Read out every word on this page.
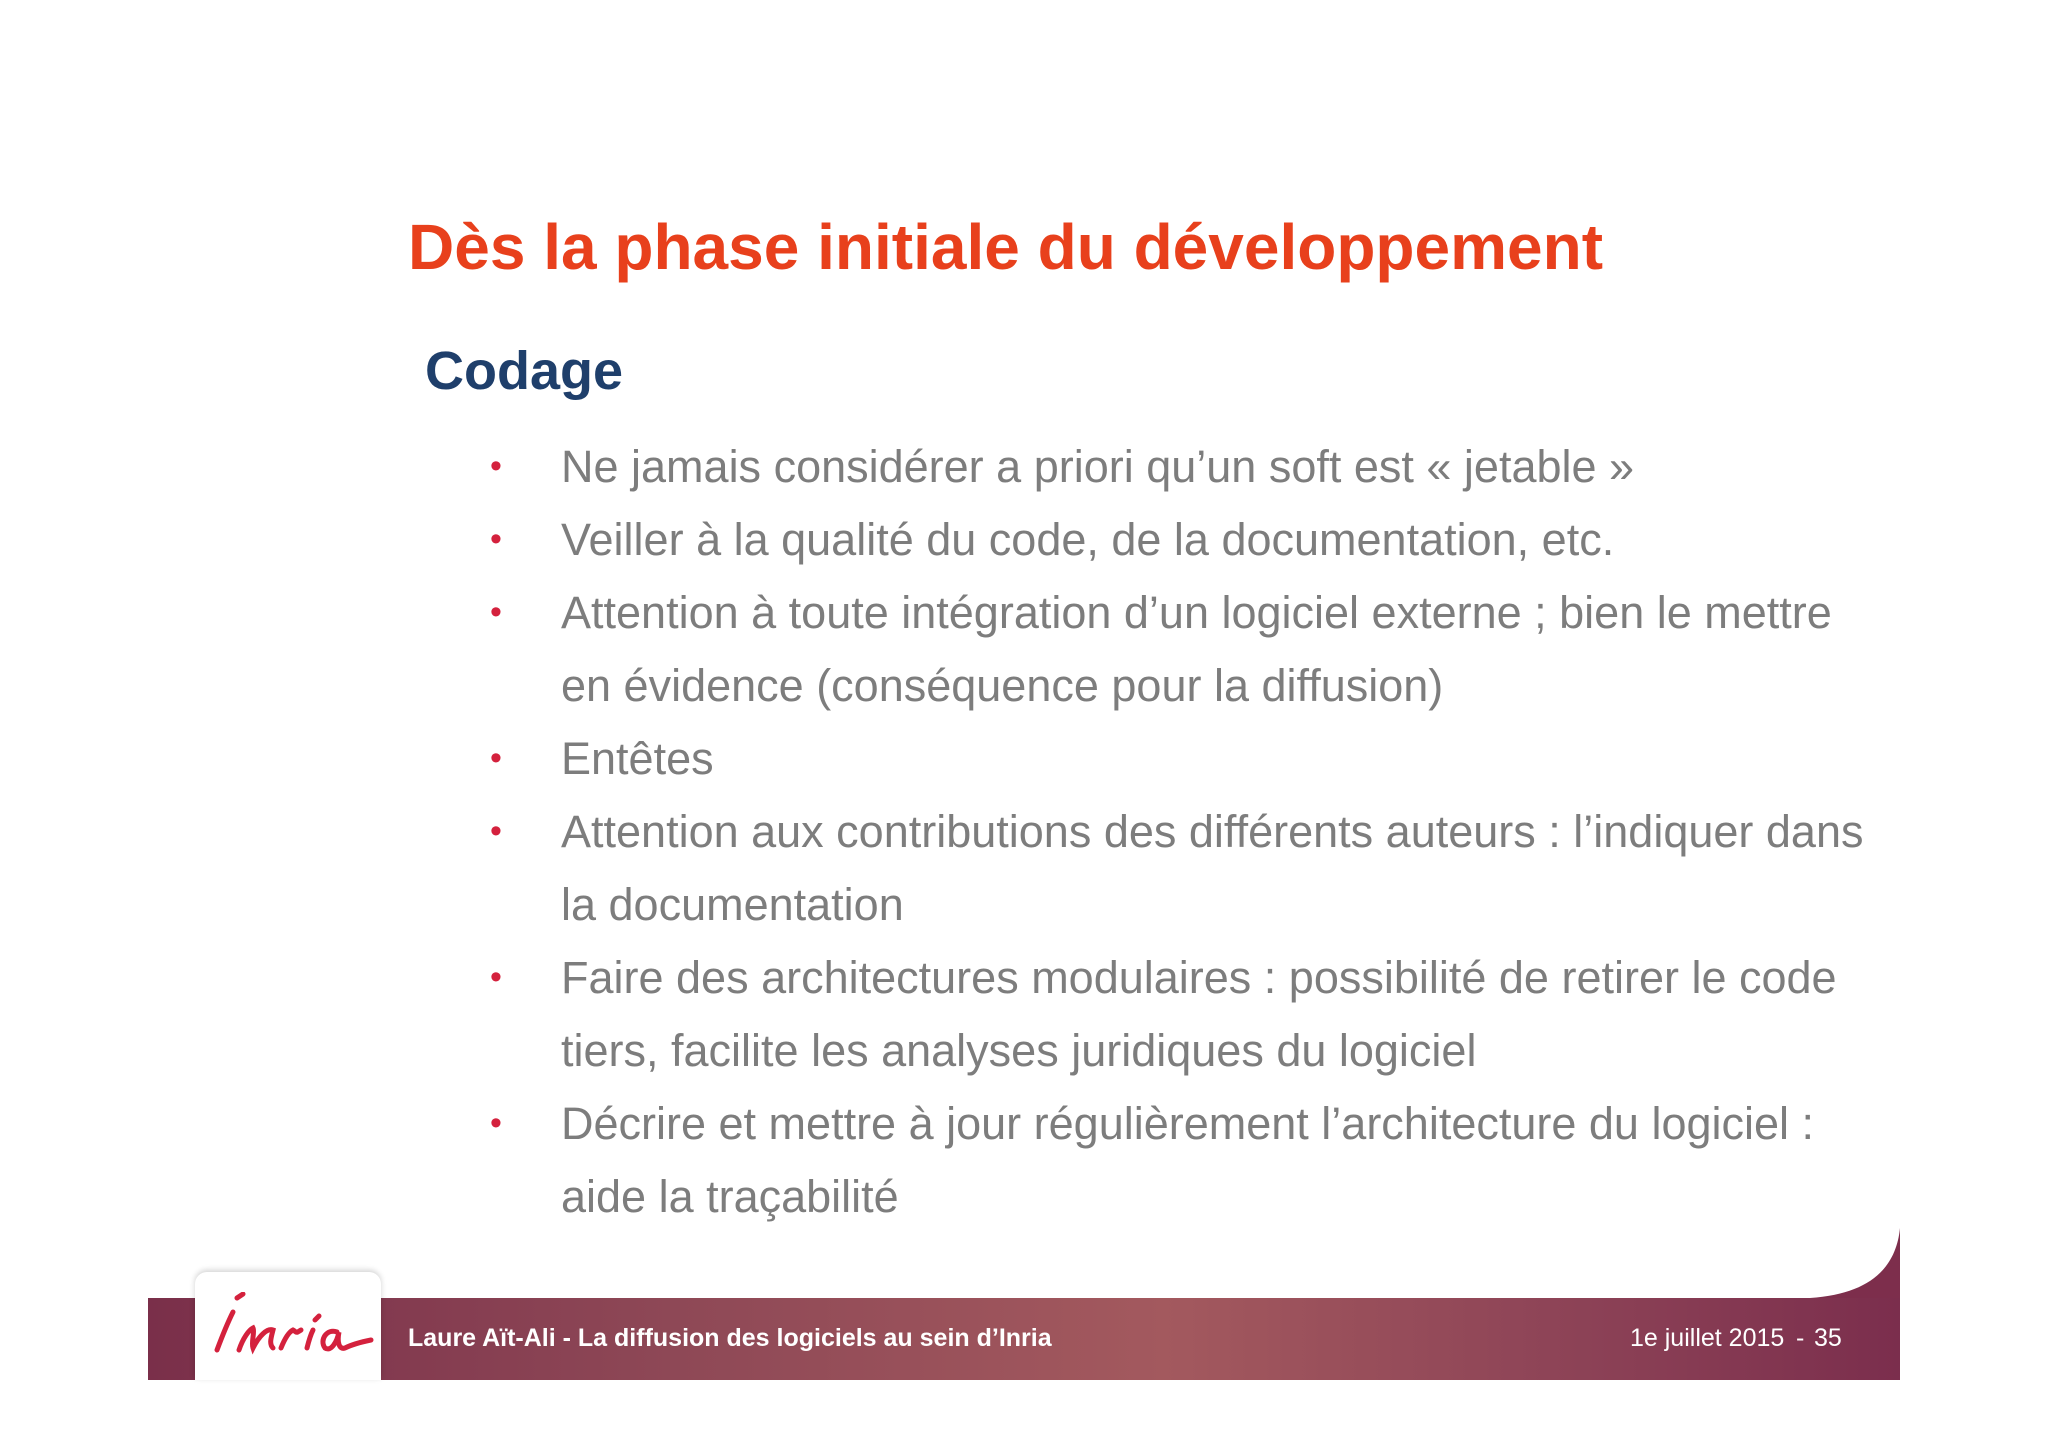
Dès la phase initiale du développement
Codage
• Ne jamais considérer a priori qu’un soft est « jetable »
• Veiller à la qualité du code, de la documentation, etc.
• Attention à toute intégration d’un logiciel externe ; bien le mettre en évidence (conséquence pour la diffusion)
• Entêtes
• Attention aux contributions des différents auteurs : l’indiquer dans la documentation
• Faire des architectures modulaires : possibilité de retirer le code tiers, facilite les analyses juridiques du logiciel
• Décrire et mettre à jour régulièrement l’architecture du logiciel : aide la traçabilité
Laure Aït-Ali - La diffusion des logiciels au sein d’Inria	1e juillet 2015 - 35
